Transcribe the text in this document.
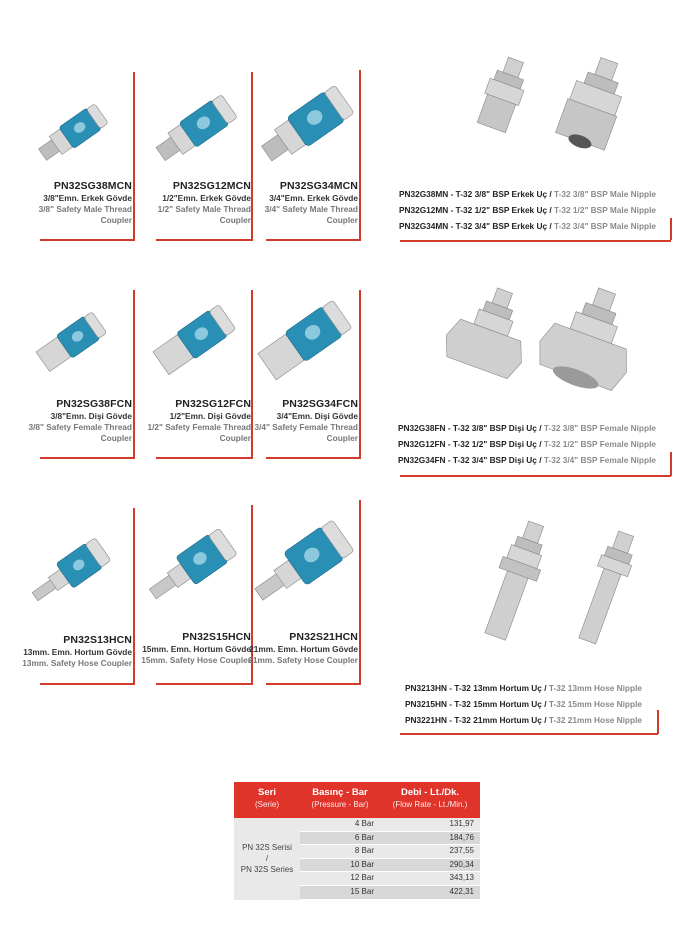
PN32SG38MCN
3/8"Emn. Erkek Gövde
3/8" Safety Male Thread
Coupler
PN32SG12MCN
1/2"Emn. Erkek Gövde
1/2" Safety Male Thread
Coupler
PN32SG34MCN
3/4"Emn. Erkek Gövde
3/4" Safety Male Thread
Coupler
PN32SG38FCN
3/8"Emn. Dişi Gövde
3/8" Safety Female Thread
Coupler
PN32SG12FCN
1/2"Emn. Dişi Gövde
1/2" Safety Female Thread
Coupler
PN32SG34FCN
3/4"Emn. Dişi Gövde
3/4" Safety Female Thread
Coupler
PN32S13HCN
13mm. Emn. Hortum Gövde
13mm. Safety Hose Coupler
PN32S15HCN
15mm. Emn. Hortum Gövde
15mm. Safety Hose Coupler
PN32S21HCN
21mm. Emn. Hortum Gövde
21mm. Safety Hose Coupler
PN32G38MN - T-32 3/8" BSP Erkek Uç / T-32 3/8" BSP Male Nipple
PN32G12MN - T-32 1/2" BSP Erkek Uç / T-32 1/2" BSP Male Nipple
PN32G34MN - T-32 3/4" BSP Erkek Uç / T-32 3/4" BSP Male Nipple
PN32G38FN - T-32 3/8" BSP Dişi Uç / T-32 3/8" BSP Female Nipple
PN32G12FN - T-32 1/2" BSP Dişi Uç / T-32 1/2" BSP Female Nipple
PN32G34FN - T-32 3/4" BSP Dişi Uç / T-32 3/4" BSP Female Nipple
PN3213HN - T-32 13mm Hortum Uç / T-32 13mm Hose Nipple
PN3215HN - T-32 15mm Hortum Uç / T-32 15mm Hose Nipple
PN3221HN - T-32 21mm Hortum Uç / T-32 21mm Hose Nipple
Seri
(Serie)
Basınç - Bar
(Pressure - Bar)
Debi - Lt./Dk.
(Flow Rate - Lt./Min.)
PN 32S Serisi
/
PN 32S Series
4 Bar	131,97
6 Bar	184,76
8 Bar	237,55
10 Bar	290,34
12 Bar	343,13
15 Bar	422,31
